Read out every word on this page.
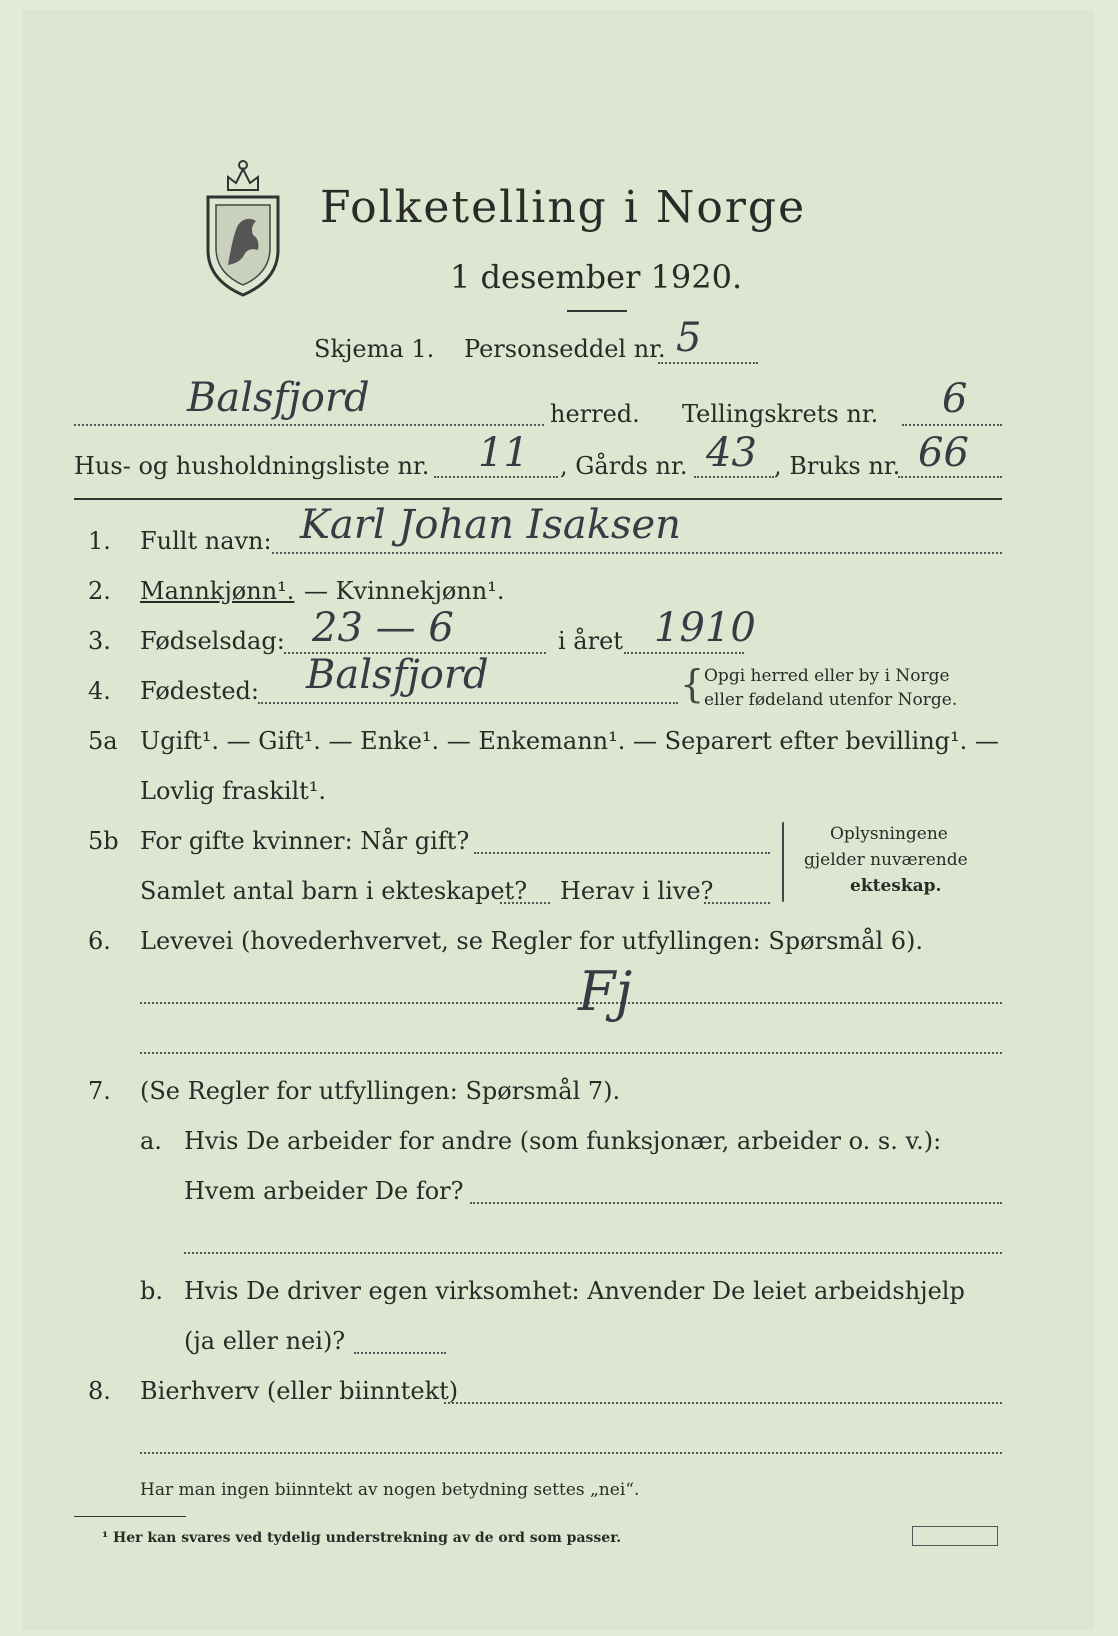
Folketelling i Norge
1 desember 1920.
Skjema 1. Personseddel nr. 5
Balsfjord	herred. Tellingskrets nr. 6
Hus- og husholdningsliste nr. 11 , Gårds nr. 43 , Bruks nr. 66
1. Fullt navn: Karl Johan Isaksen
2. Mannkjønn¹. — Kvinnekjønn¹.
3. Fødselsdag: 23 — 6	i året 1910
4. Fødested: Balsfjord	{ Opgi herred eller by i Norge
eller fødeland utenfor Norge.
5a Ugift¹. — Gift¹. — Enke¹. — Enkemann¹. — Separert efter bevilling¹. —
Lovlig fraskilt¹.
5b For gifte kvinner: Når gift?
Samlet antal barn i ekteskapet? Herav i live?
Oplysningene
gjelder nuværende
ekteskap.
6. Levevei (hovederhvervet, se Regler for utfyllingen: Spørsmål 6).
Fj
7. (Se Regler for utfyllingen: Spørsmål 7).
a. Hvis De arbeider for andre (som funksjonær, arbeider o. s. v.):
Hvem arbeider De for?
b. Hvis De driver egen virksomhet: Anvender De leiet arbeidshjelp
(ja eller nei)?
8. Bierhverv (eller biinntekt)
Har man ingen biinntekt av nogen betydning settes „nei“.
¹ Her kan svares ved tydelig understrekning av de ord som passer.
